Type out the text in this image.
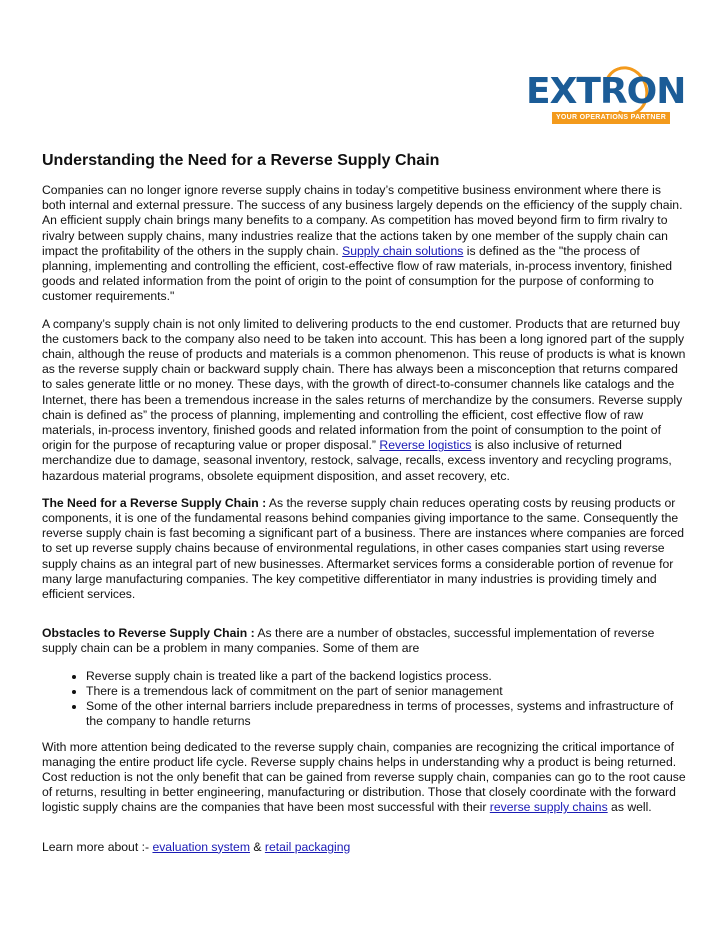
EXTRON
YOUR OPERATIONS PARTNER
Understanding the Need for a Reverse Supply Chain

Companies can no longer ignore reverse supply chains in today’s competitive business environment where there is both internal and external pressure. The success of any business largely depends on the efficiency of the supply chain. An efficient supply chain brings many benefits to a company. As competition has moved beyond firm to firm rivalry to rivalry between supply chains, many industries realize that the actions taken by one member of the supply chain can impact the profitability of the others in the supply chain. Supply chain solutions is defined as the "the process of planning, implementing and controlling the efficient, cost-effective flow of raw materials, in-process inventory, finished goods and related information from the point of origin to the point of consumption for the purpose of conforming to customer requirements."

A company’s supply chain is not only limited to delivering products to the end customer. Products that are returned buy the customers back to the company also need to be taken into account. This has been a long ignored part of the supply chain, although the reuse of products and materials is a common phenomenon. This reuse of products is what is known as the reverse supply chain or backward supply chain. There has always been a misconception that returns compared to sales generate little or no money. These days, with the growth of direct-to-consumer channels like catalogs and the Internet, there has been a tremendous increase in the sales returns of merchandize by the consumers. Reverse supply chain is defined as” the process of planning, implementing and controlling the efficient, cost effective flow of raw materials, in-process inventory, finished goods and related information from the point of consumption to the point of origin for the purpose of recapturing value or proper disposal.” Reverse logistics is also inclusive of returned merchandize due to damage, seasonal inventory, restock, salvage, recalls, excess inventory and recycling programs, hazardous material programs, obsolete equipment disposition, and asset recovery, etc.

The Need for a Reverse Supply Chain : As the reverse supply chain reduces operating costs by reusing products or components, it is one of the fundamental reasons behind companies giving importance to the same. Consequently the reverse supply chain is fast becoming a significant part of a business. There are instances where companies are forced to set up reverse supply chains because of environmental regulations, in other cases companies start using reverse supply chains as an integral part of new businesses. Aftermarket services forms a considerable portion of revenue for many large manufacturing companies. The key competitive differentiator in many industries is providing timely and efficient services.

Obstacles to Reverse Supply Chain : As there are a number of obstacles, successful implementation of reverse supply chain can be a problem in many companies. Some of them are

• Reverse supply chain is treated like a part of the backend logistics process.
• There is a tremendous lack of commitment on the part of senior management
• Some of the other internal barriers include preparedness in terms of processes, systems and infrastructure of the company to handle returns

With more attention being dedicated to the reverse supply chain, companies are recognizing the critical importance of managing the entire product life cycle. Reverse supply chains helps in understanding why a product is being returned. Cost reduction is not the only benefit that can be gained from reverse supply chain, companies can go to the root cause of returns, resulting in better engineering, manufacturing or distribution. Those that closely coordinate with the forward logistic supply chains are the companies that have been most successful with their reverse supply chains as well.

Learn more about :- evaluation system & retail packaging
